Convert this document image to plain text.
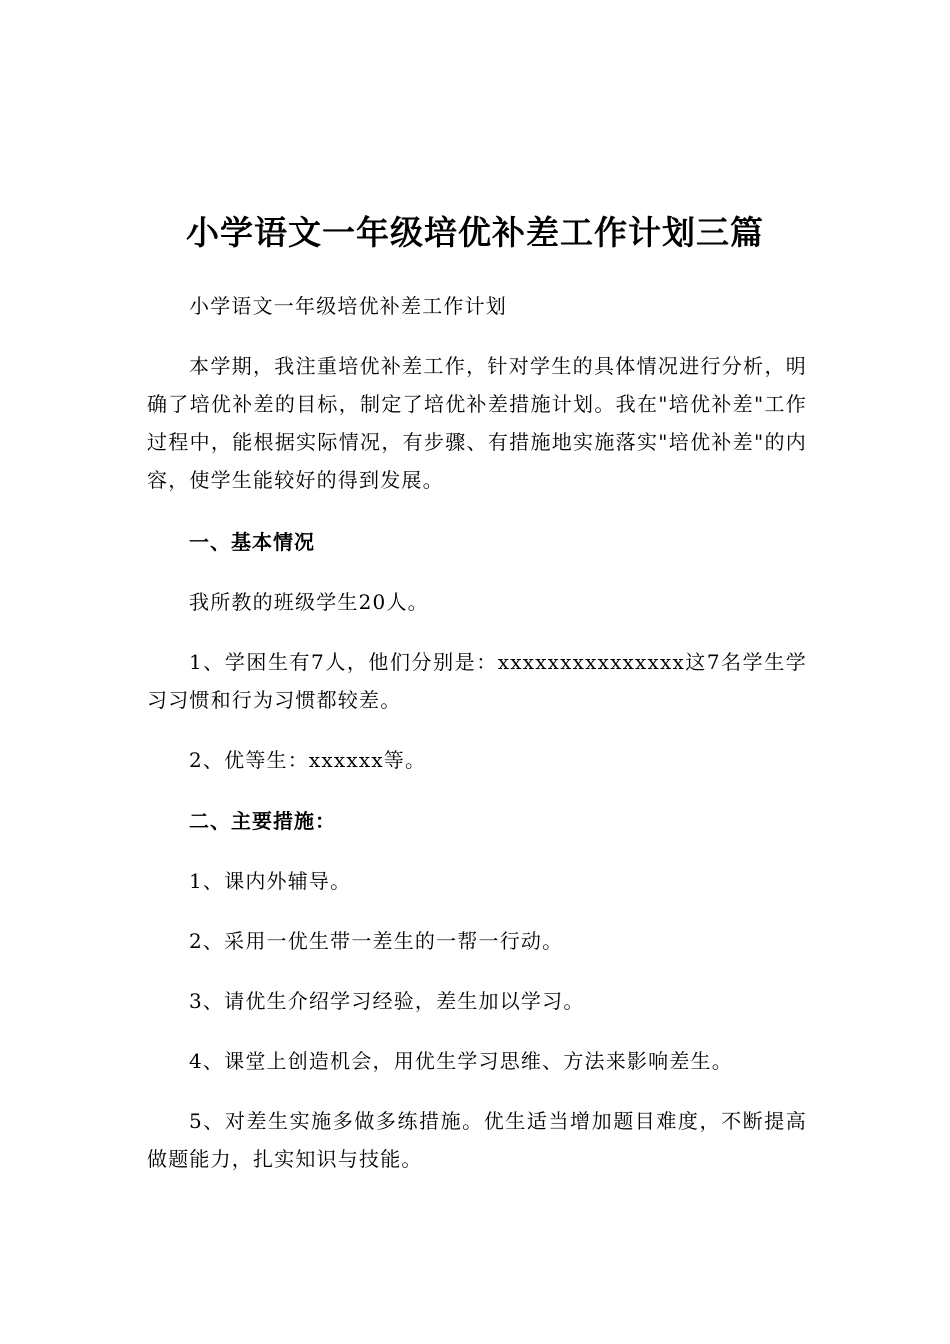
小学语文一年级培优补差工作计划三篇

小学语文一年级培优补差工作计划

本学期，我注重培优补差工作，针对学生的具体情况进行分析，明确了培优补差的目标，制定了培优补差措施计划。我在"培优补差"工作过程中，能根据实际情况，有步骤、有措施地实施落实"培优补差"的内容，使学生能较好的得到发展。

一、基本情况

我所教的班级学生20人。

1、学困生有7人，他们分别是：xxxxxxxxxxxxxxx这7名学生学习习惯和行为习惯都较差。

2、优等生：xxxxxx等。

二、主要措施：

1、课内外辅导。

2、采用一优生带一差生的一帮一行动。

3、请优生介绍学习经验，差生加以学习。

4、课堂上创造机会，用优生学习思维、方法来影响差生。

5、对差生实施多做多练措施。优生适当增加题目难度，不断提高做题能力，扎实知识与技能。
